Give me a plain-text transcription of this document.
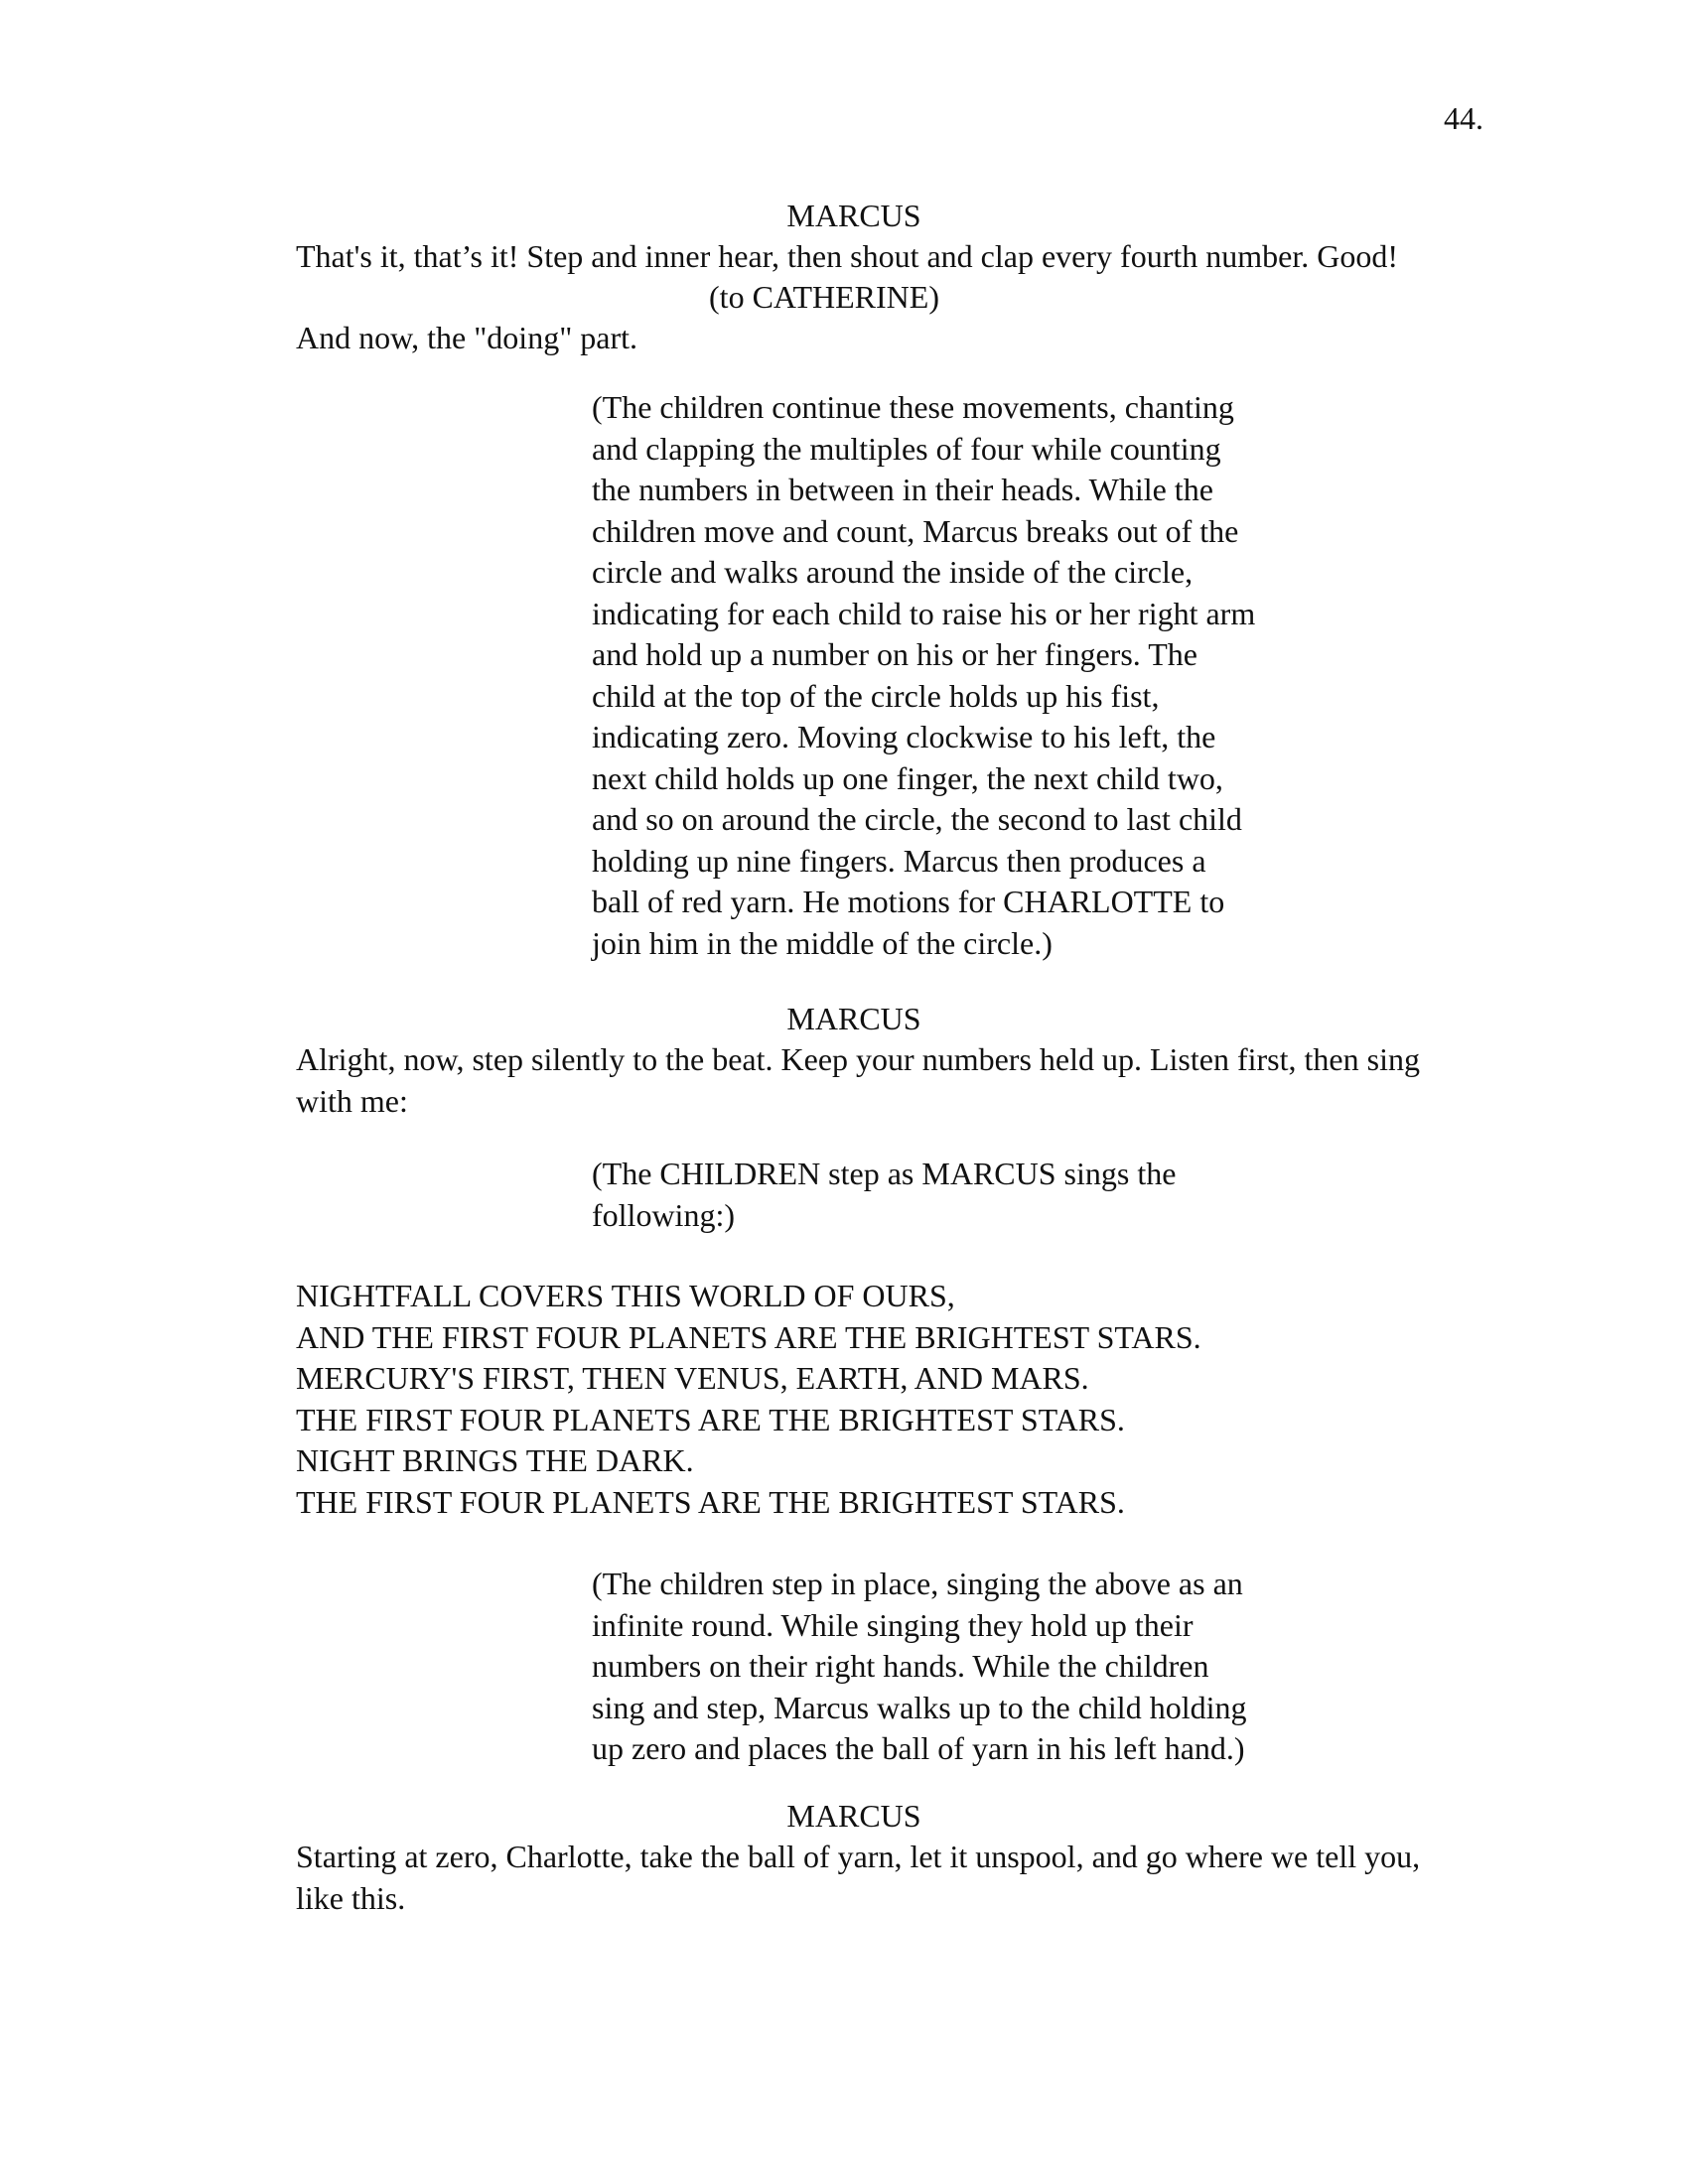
44.

MARCUS
That's it, that’s it! Step and inner hear, then shout and clap every fourth number. Good!
(to CATHERINE)
And now, the "doing" part.
(The children continue these movements, chanting
and clapping the multiples of four while counting
the numbers in between in their heads. While the
children move and count, Marcus breaks out of the
circle and walks around the inside of the circle,
indicating for each child to raise his or her right arm
and hold up a number on his or her fingers. The
child at the top of the circle holds up his fist,
indicating zero. Moving clockwise to his left, the
next child holds up one finger, the next child two,
and so on around the circle, the second to last child
holding up nine fingers. Marcus then produces a
ball of red yarn. He motions for CHARLOTTE to
join him in the middle of the circle.)
MARCUS
Alright, now, step silently to the beat. Keep your numbers held up. Listen first, then sing
with me:
(The CHILDREN step as MARCUS sings the
following:)
NIGHTFALL COVERS THIS WORLD OF OURS,
AND THE FIRST FOUR PLANETS ARE THE BRIGHTEST STARS.
MERCURY'S FIRST, THEN VENUS, EARTH, AND MARS.
THE FIRST FOUR PLANETS ARE THE BRIGHTEST STARS.
NIGHT BRINGS THE DARK.
THE FIRST FOUR PLANETS ARE THE BRIGHTEST STARS.
(The children step in place, singing the above as an
infinite round. While singing they hold up their
numbers on their right hands. While the children
sing and step, Marcus walks up to the child holding
up zero and places the ball of yarn in his left hand.)
MARCUS
Starting at zero, Charlotte, take the ball of yarn, let it unspool, and go where we tell you,
like this.
